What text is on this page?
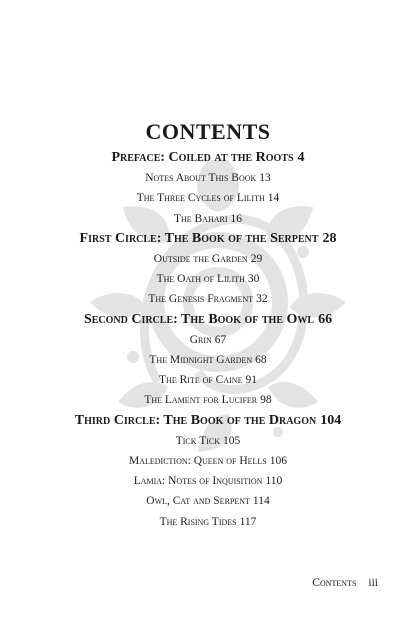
CONTENTS
Preface: Coiled at the Roots 4
Notes About This Book 13
The Three Cycles of Lilith 14
The Bahari 16
First Circle: The Book of the Serpent 28
Outside the Garden 29
The Oath of Lilith 30
The Genesis Fragment 32
Second Circle: The Book of the Owl 66
Grin 67
The Midnight Garden 68
The Rite of Caine 91
The Lament for Lucifer 98
Third Circle: The Book of the Dragon 104
Tick Tick 105
Malediction: Queen of Hells 106
Lamia: Notes of Inquisition 110
Owl, Cat and Serpent 114
The Rising Tides 117
Contents iii
